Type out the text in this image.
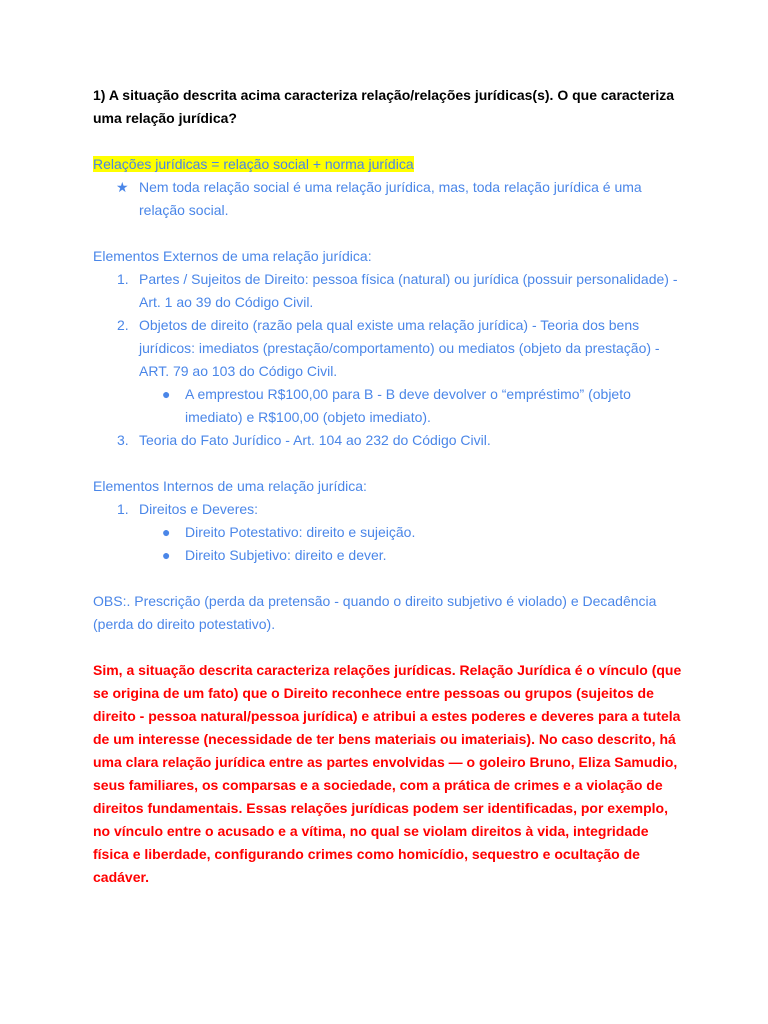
1) A situação descrita acima caracteriza relação/relações jurídicas(s). O que caracteriza uma relação jurídica?

Relações jurídicas = relação social + norma jurídica

★ Nem toda relação social é uma relação jurídica, mas, toda relação jurídica é uma relação social.

Elementos Externos de uma relação jurídica:

1. Partes / Sujeitos de Direito: pessoa física (natural) ou jurídica (possuir personalidade) - Art. 1 ao 39 do Código Civil.
2. Objetos de direito (razão pela qual existe uma relação jurídica) - Teoria dos bens jurídicos: imediatos (prestação/comportamento) ou mediatos (objeto da prestação) - ART. 79 ao 103 do Código Civil.
● A emprestou R$100,00 para B - B deve devolver o “empréstimo” (objeto imediato) e R$100,00 (objeto imediato).
3. Teoria do Fato Jurídico - Art. 104 ao 232 do Código Civil.

Elementos Internos de uma relação jurídica:

1. Direitos e Deveres:
● Direito Potestativo: direito e sujeição.
● Direito Subjetivo: direito e dever.

OBS:. Prescrição (perda da pretensão - quando o direito subjetivo é violado) e Decadência (perda do direito potestativo).

Sim, a situação descrita caracteriza relações jurídicas. Relação Jurídica é o vínculo (que se origina de um fato) que o Direito reconhece entre pessoas ou grupos (sujeitos de direito - pessoa natural/pessoa jurídica) e atribui a estes poderes e deveres para a tutela de um interesse (necessidade de ter bens materiais ou imateriais). No caso descrito, há uma clara relação jurídica entre as partes envolvidas — o goleiro Bruno, Eliza Samudio, seus familiares, os comparsas e a sociedade, com a prática de crimes e a violação de direitos fundamentais. Essas relações jurídicas podem ser identificadas, por exemplo, no vínculo entre o acusado e a vítima, no qual se violam direitos à vida, integridade física e liberdade, configurando crimes como homicídio, sequestro e ocultação de cadáver.
